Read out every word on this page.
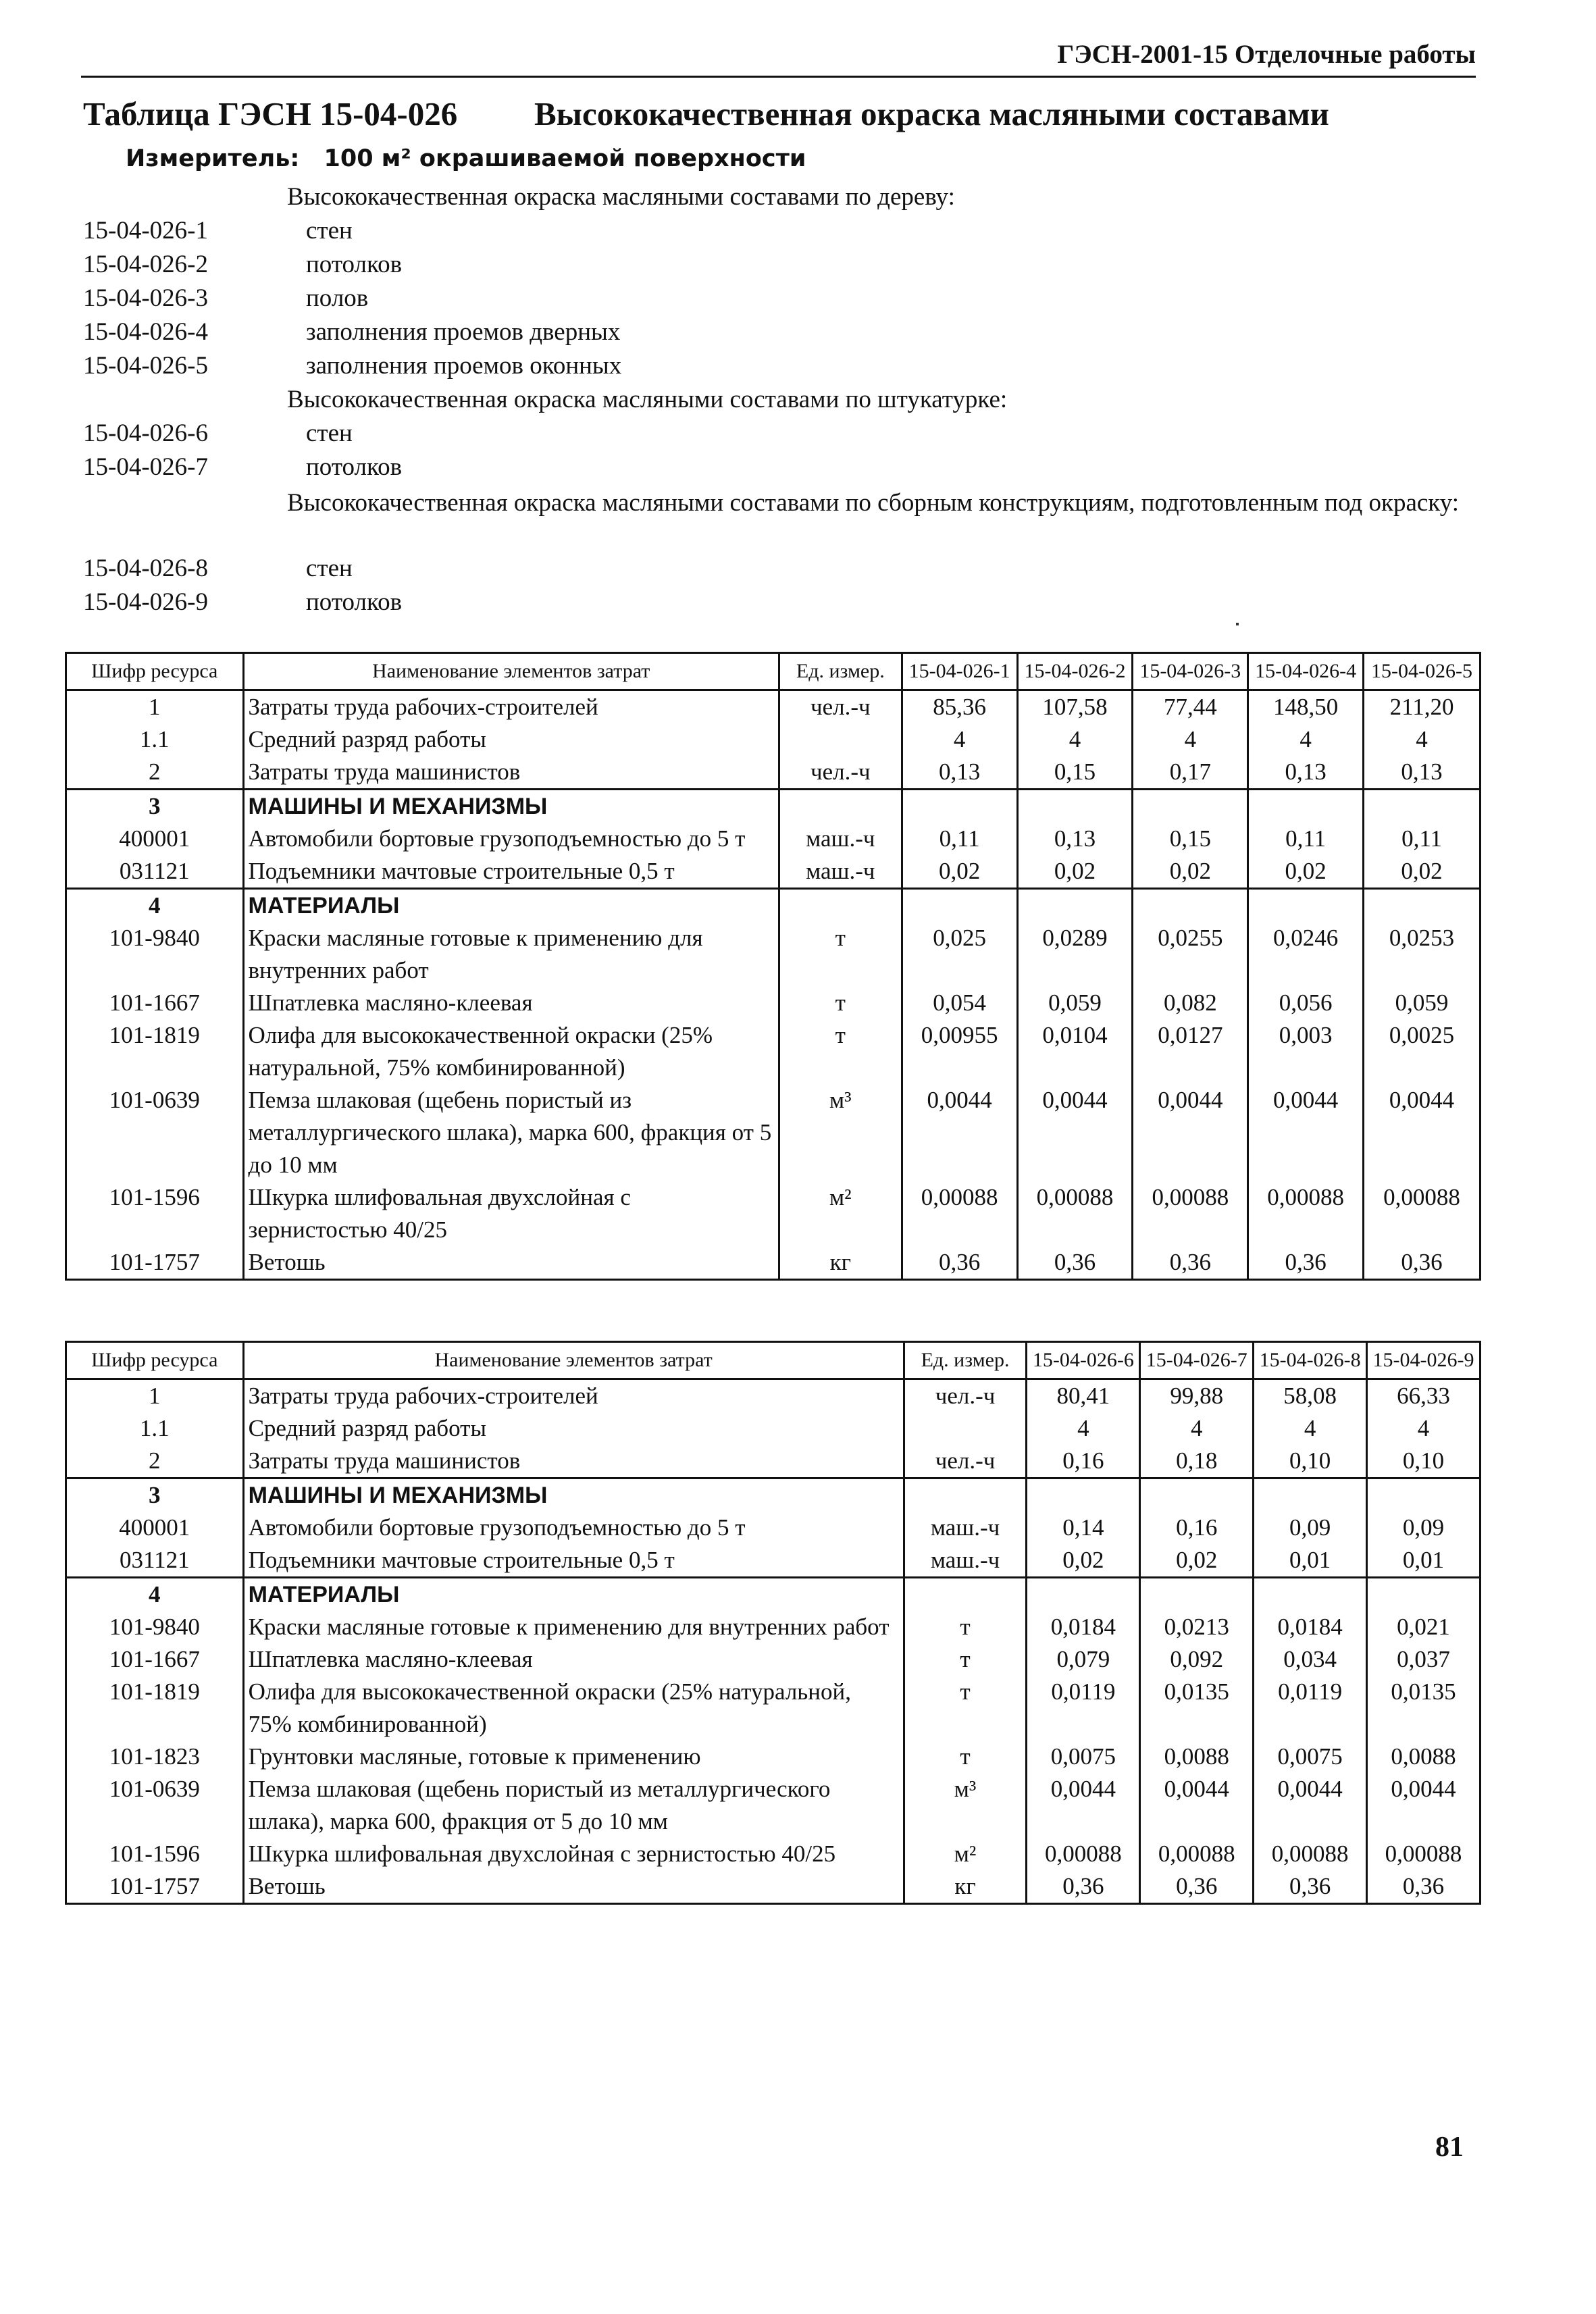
ГЭСН-2001-15 Отделочные работы
Таблица ГЭСН 15-04-026 Высококачественная окраска масляными составами
Измеритель: 100 м² окрашиваемой поверхности
Высококачественная окраска масляными составами по дереву:
15-04-026-1	стен
15-04-026-2	потолков
15-04-026-3	полов
15-04-026-4	заполнения проемов дверных
15-04-026-5	заполнения проемов оконных
Высококачественная окраска масляными составами по штукатурке:
15-04-026-6	стен
15-04-026-7	потолков
Высококачественная окраска масляными составами по сборным конструкциям, подготовленным под окраску:
15-04-026-8	стен
15-04-026-9	потолков
Шифр ресурса	Наименование элементов затрат	Ед. измер.	15-04-026-1	15-04-026-2	15-04-026-3	15-04-026-4	15-04-026-5
1	Затраты труда рабочих-строителей	чел.-ч	85,36	107,58	77,44	148,50	211,20
1.1	Средний разряд работы		4	4	4	4	4
2	Затраты труда машинистов	чел.-ч	0,13	0,15	0,17	0,13	0,13
3	МАШИНЫ И МЕХАНИЗМЫ						
400001	Автомобили бортовые грузоподъемностью до 5 т	маш.-ч	0,11	0,13	0,15	0,11	0,11
031121	Подъемники мачтовые строительные 0,5 т	маш.-ч	0,02	0,02	0,02	0,02	0,02
4	МАТЕРИАЛЫ						
101-9840	Краски масляные готовые к применению для внутренних работ	т	0,025	0,0289	0,0255	0,0246	0,0253
101-1667	Шпатлевка масляно-клеевая	т	0,054	0,059	0,082	0,056	0,059
101-1819	Олифа для высококачественной окраски (25% натуральной, 75% комбинированной)	т	0,00955	0,0104	0,0127	0,003	0,0025
101-0639	Пемза шлаковая (щебень пористый из металлургического шлака), марка 600, фракция от 5 до 10 мм	м³	0,0044	0,0044	0,0044	0,0044	0,0044
101-1596	Шкурка шлифовальная двухслойная с зернистостью 40/25	м²	0,00088	0,00088	0,00088	0,00088	0,00088
101-1757	Ветошь	кг	0,36	0,36	0,36	0,36	0,36
Шифр ресурса	Наименование элементов затрат	Ед. измер.	15-04-026-6	15-04-026-7	15-04-026-8	15-04-026-9
1	Затраты труда рабочих-строителей	чел.-ч	80,41	99,88	58,08	66,33
1.1	Средний разряд работы		4	4	4	4
2	Затраты труда машинистов	чел.-ч	0,16	0,18	0,10	0,10
3	МАШИНЫ И МЕХАНИЗМЫ					
400001	Автомобили бортовые грузоподъемностью до 5 т	маш.-ч	0,14	0,16	0,09	0,09
031121	Подъемники мачтовые строительные 0,5 т	маш.-ч	0,02	0,02	0,01	0,01
4	МАТЕРИАЛЫ					
101-9840	Краски масляные готовые к применению для внутренних работ	т	0,0184	0,0213	0,0184	0,021
101-1667	Шпатлевка масляно-клеевая	т	0,079	0,092	0,034	0,037
101-1819	Олифа для высококачественной окраски (25% натуральной, 75% комбинированной)	т	0,0119	0,0135	0,0119	0,0135
101-1823	Грунтовки масляные, готовые к применению	т	0,0075	0,0088	0,0075	0,0088
101-0639	Пемза шлаковая (щебень пористый из металлургического шлака), марка 600, фракция от 5 до 10 мм	м³	0,0044	0,0044	0,0044	0,0044
101-1596	Шкурка шлифовальная двухслойная с зернистостью 40/25	м²	0,00088	0,00088	0,00088	0,00088
101-1757	Ветошь	кг	0,36	0,36	0,36	0,36
81
